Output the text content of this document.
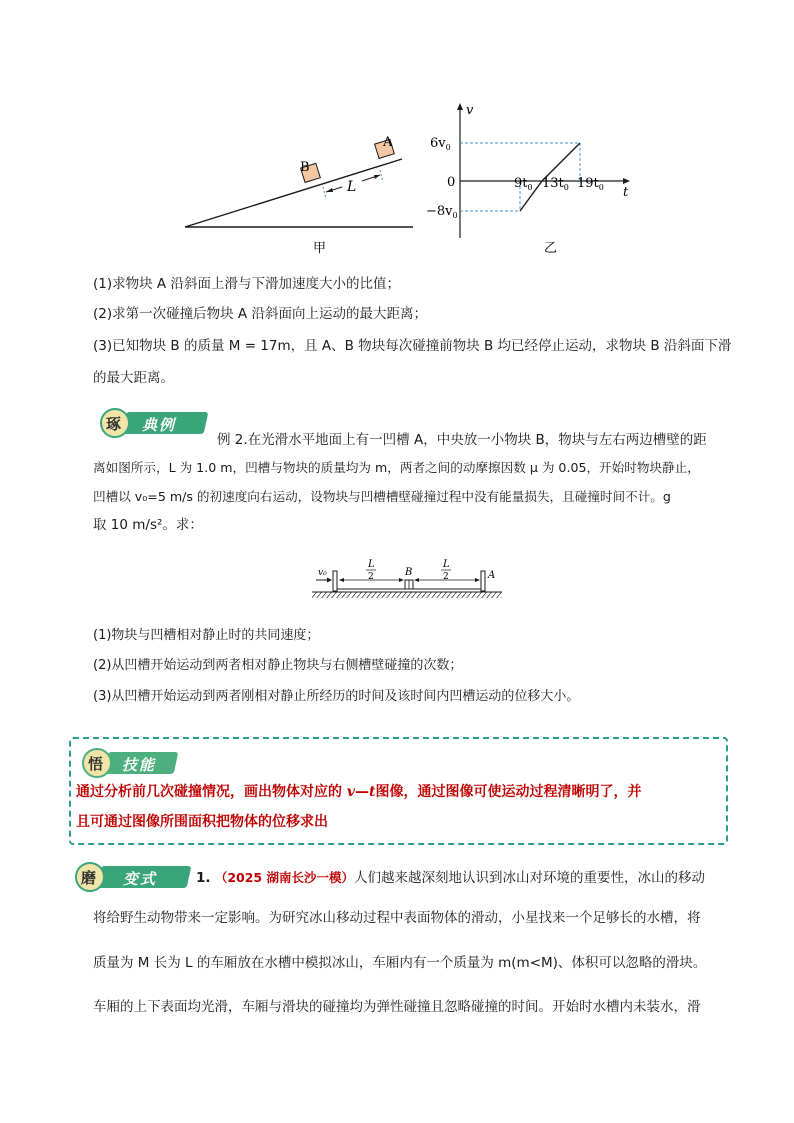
A
B
L
甲
v
t
0
$6v_0$
$-8v_0$
$9t_0$ $13t_0$ $19t_0$
乙
(1)求物块 A 沿斜面上滑与下滑加速度大小的比值；
(2)求第一次碰撞后物块 A 沿斜面向上运动的最大距离；
(3)已知物块 B 的质量 M = 17m，且 A、B 物块每次碰撞前物块 B 均已经停止运动，求物块 B 沿斜面下滑
的最大距离。
典例
琢
例 2.在光滑水平地面上有一凹槽 A，中央放一小物块 B，物块与左右两边槽壁的距
离如图所示，L 为 1.0 m，凹槽与物块的质量均为 m，两者之间的动摩擦因数 μ 为 0.05，开始时物块静止，
凹槽以 v₀=5 m/s 的初速度向右运动，设物块与凹槽槽壁碰撞过程中没有能量损失，且碰撞时间不计。g
取 10 m/s²。求：
v₀
L
2	B
L
2	A
(1)物块与凹槽相对静止时的共同速度；
(2)从凹槽开始运动到两者相对静止物块与右侧槽壁碰撞的次数；
(3)从凹槽开始运动到两者刚相对静止所经历的时间及该时间内凹槽运动的位移大小。
技能
悟
通过分析前几次碰撞情况，画出物体对应的 v—t图像，通过图像可使运动过程清晰明了，并
且可通过图像所围面积把物体的位移求出
变式
磨	1. （2025 湖南长沙一模）人们越来越深刻地认识到冰山对环境的重要性，冰山的移动
将给野生动物带来一定影响。为研究冰山移动过程中表面物体的滑动，小星找来一个足够长的水槽，将
质量为 M 长为 L 的车厢放在水槽中模拟冰山，车厢内有一个质量为 m(m<M)、体积可以忽略的滑块。
车厢的上下表面均光滑，车厢与滑块的碰撞均为弹性碰撞且忽略碰撞的时间。开始时水槽内未装水，滑
